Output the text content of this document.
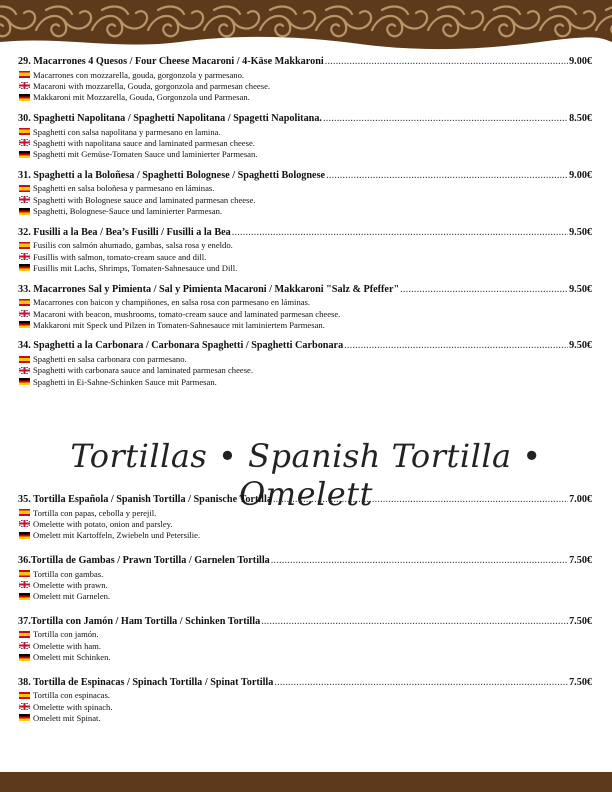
29. Macarrones 4 Quesos / Four Cheese Macaroni / 4-Käse Makkaroni .....	9.00€
Macarrones con mozzarella, gouda, gorgonzola y parmesano.
Macaroni with mozzarella, Gouda, gorgonzola and parmesan cheese.
Makkaroni mit Mozzarella, Gouda, Gorgonzola und Parmesan.
30. Spaghetti Napolitana / Spaghetti Napolitana / Spagetti Napolitana. .....	8.50€
Spaghetti con salsa napolitana y parmesano en lamina.
Spaghetti with napolitana sauce and laminated parmesan cheese.
Spaghetti mit Gemüse-Tomaten Sauce und laminierter Parmesan.
31. Spaghetti a la Boloñesa / Spaghetti Bolognese / Spaghetti Bolognese .....	9.00€
Spaghetti en salsa boloñesa y parmesano en láminas.
Spaghetti with Bolognese sauce and laminated parmesan cheese.
Spaghetti, Bolognese-Sauce und laminierter Parmesan.
32. Fusilli a la Bea / Bea’s Fusilli / Fusilli a la Bea .....	9.50€
Fusilis con salmón ahumado, gambas, salsa rosa y eneldo.
Fusillis with salmon, tomato-cream sauce and dill.
Fusillis mit Lachs, Shrimps, Tomaten-Sahnesauce und Dill.
33. Macarrones Sal y Pimienta / Sal y Pimienta Macaroni / Makkaroni "Salz & Pfeffer" .....	9.50€
Macarrones con baicon y champiñones, en salsa rosa con parmesano en láminas.
Macaroni with beacon, mushrooms, tomato-cream sauce and laminated parmesan cheese.
Makkaroni mit Speck und Pilzen in Tomaten-Sahnesauce mit laminiertem Parmesan.
34. Spaghetti a la Carbonara / Carbonara Spaghetti / Spaghetti Carbonara .....	9.50€
Spaghetti en salsa carbonara con parmesano.
Spaghetti with carbonara sauce and laminated parmesan cheese.
Spaghetti in Ei-Sahne-Schinken Sauce mit Parmesan.
Tortillas • Spanish Tortilla • Omelett
35. Tortilla Española / Spanish Tortilla / Spanische Tortilla .....	7.00€
Tortilla con papas, cebolla y perejil.
Omelette with potato, onion and parsley.
Omelett mit Kartoffeln, Zwiebeln und Petersilie.
36.Tortilla de Gambas / Prawn Tortilla / Garnelen Tortilla .....	7.50€
Tortilla con gambas.
Omelette with prawn.
Omelett mit Garnelen.
37.Tortilla con Jamón / Ham Tortilla / Schinken Tortilla .....	7.50€
Tortilla con jamón.
Omelette with ham.
Omelett mit Schinken.
38. Tortilla de Espinacas / Spinach Tortilla / Spinat Tortilla .....	7.50€
Tortilla con espinacas.
Omelette with spinach.
Omelett mit Spinat.
